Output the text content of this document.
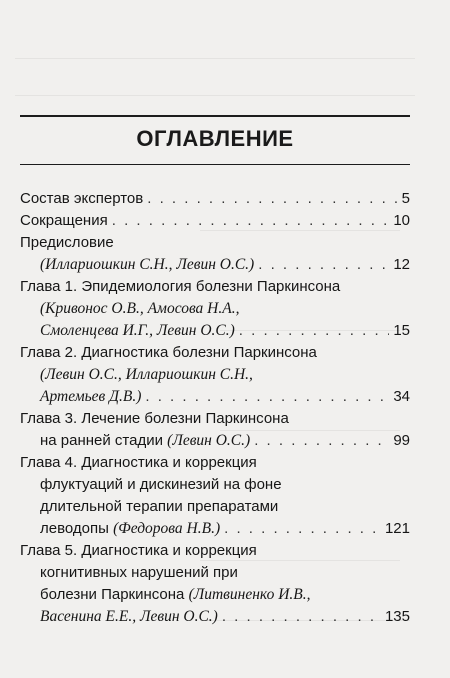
ОГЛАВЛЕНИЕ
Состав экспертов . . .	5
Сокращения . . .	10
Предисловие
(Иллариошкин С.Н., Левин О.С.) . . .	12
Глава 1. Эпидемиология болезни Паркинсона
(Кривонос О.В., Амосова Н.А.,
Смоленцева И.Г., Левин О.С.) . . .	15
Глава 2. Диагностика болезни Паркинсона
(Левин О.С., Иллариошкин С.Н.,
Артемьев Д.В.) . . .	34
Глава 3. Лечение болезни Паркинсона
на ранней стадии (Левин О.С.) . . .	99
Глава 4. Диагностика и коррекция
флуктуаций и дискинезий на фоне
длительной терапии препаратами
леводопы (Федорова Н.В.) . . .	121
Глава 5. Диагностика и коррекция
когнитивных нарушений при
болезни Паркинсона (Литвиненко И.В.,
Васенина Е.Е., Левин О.С.) . . .	135
